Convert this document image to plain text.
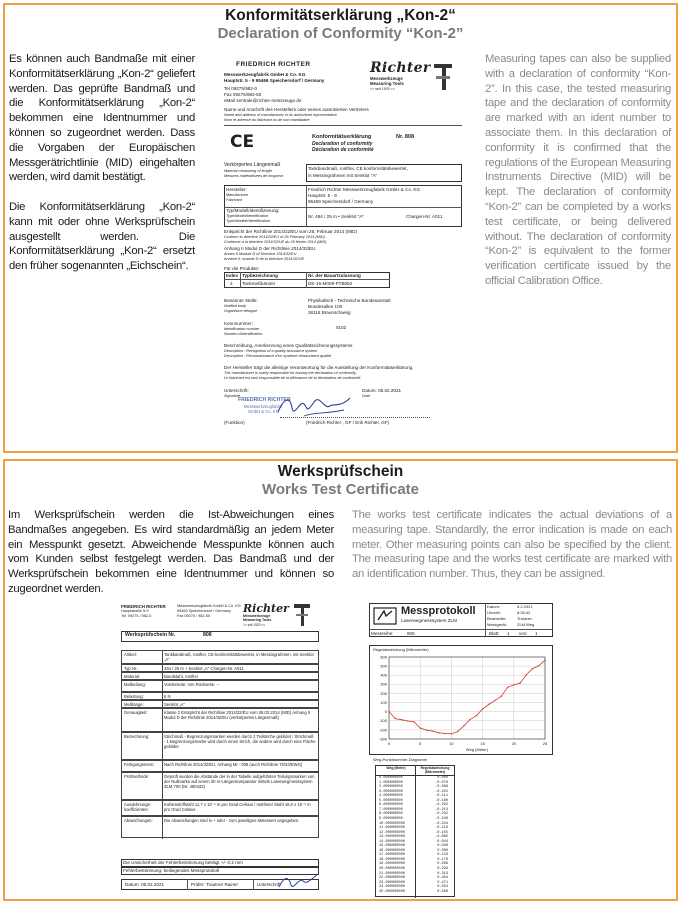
Konformitätserklärung „Kon-2“
Declaration of Conformity “Kon-2”

Es können auch Bandmaße mit einer Konformitätserklärung „Kon-2“ geliefert werden. Das geprüfte Bandmaß und die Konformitätserklärung „Kon-2“ bekommen eine Identnummer und können so zugeordnet werden. Dass die Vorgaben der Europäischen Messgerätrichtlinie (MID) eingehalten werden, wird damit bestätigt.

Die Konformitätserklärung „Kon-2“ kann mit oder ohne Werksprüfschein ausgestellt werden. Die Konformitätserklärung „Kon-2“ ersetzt den früher sogenannten „Eichschein“.

Measuring tapes can also be supplied with a declaration of conformity “Kon-2”. In this case, the tested measuring tape and the declaration of conformity are marked with an ident number to associate them. In this declaration of conformity it is confirmed that the regulations of the European Measuring Instruments Directive (MID) will be kept. The declaration of conformity “Kon-2” can be completed by a works test certificate, or being delivered without. The declaration of conformity “Kon-2” is equivalent to the former verification certificate issued by the official Calibration Office.
FRIEDRICH RICHTER
Messwerkzeugfabrik GmbH & Co. KG
Hauptstr. 5 - 9 95469 Speichersdorf / Germany
Tel 09275/982-0
Fax 09275/982-50
eMail zentrale@richter-messzeuge.de
Richter
Messwerkzeuge
Measuring Tools
>> seit 1920 <<
Name und Anschrift des Herstellers oder seines autorisierten Vertreters
Name and address of manufacturer or its authorised representative
Nom et adresse du fabricant ou de son mandataire
CE	Konformitätserklärung	Nr. 808
Declaration of conformity
Déclaration de conformité
Verkörpertes Längenmaß
Material measuring of length
Mesures matérialisées de longueur
Tankbandmaß, rostfrei, CE konformitätsbewertet,
in Messingrahmen mit Senklot "A"
Hersteller:
Manufacturer
Fabricant
Friedrich Richter Messwerkzeugfabrik GmbH & Co. KG
Hauptstr. 5 - 9
95469 Speichersdorf / Germany
Typ/Modell/Identifizierung:
Type/Model/Identification
Type/Modèle/Identification
Nr. 494 / 25 m • Senklot "A"	Chargen-Nr. A011
Entspricht der Richtlinie 2014/32/EU vom 26. Februar 2014 (MID)
Conform to directive 2014/32/EU of 26 February 2014 (MID)
Conforme à la directive 2014/32/UE du 26 février 2014 (MID)
Anhang II Modul D der Richtlinie 2014/32/EU
Annex II Module D of Directive 2014/32/EU
Annexe II, module D de la directive 2014/32/UE
Für die Produkte:
Index Typbezeichnung	Nr. der Bauartzulassung
2 Tankmeßbänder	DE-16-M008-PTB062
Benannte Stelle:
Notified body
Organisme désigné
Physikalisch - Technische Bundesanstalt
Bundesallee 100
38116 Braunschweig
Kennnummer:
Identification number
Numéro d'identification
0102
Beschreibung, Anerkennung eines Qualitätssicherungssystems
Description : Recognition of a quality assurance system
Description : Reconnaissance d'un système d'assurance qualité
Der Hersteller trägt die alleinige Verantwortung für die Ausstellung der Konformitätserklärung.
The manufacturer is solely responsible for issuing the declaration of conformity.
Le fabricant est seul responsable de la délivrance de la déclaration de conformité.
Unterschrift:
Signature
Datum: 05.02.2021
Date
FRIEDRICH RICHTER
Messwerkzeugfabrik
GmbH & Co. KG
(Funktion)	(Friedrich Richter , GF / Erik Richter, GF)
Werksprüfschein
Works Test Certificate
Im Werksprüfschein werden die Ist-Abweichungen eines Bandmaßes angegeben. Es wird standardmäßig an jedem Meter ein Messpunkt gesetzt. Abweichende Messpunkte können auch vom Kunden selbst festgelegt werden. Das Bandmaß und der Werksprüfschein bekommen eine Identnummer und können so zugeordnet werden.
The works test certificate indicates the actual deviations of a measuring tape. Standardly, the error indication is made on each meter. Other measuring points can also be specified by the client. The measuring tape and the works test certificate are marked with an identification number. Thus, they can be assigned.
FRIEDRICH RICHTER
Hauptstraße 5-9
Tel. 09275 / 982-0
Messwerkzeugfabrik GmbH & Co. KG
95469 Speichersdorf / Germany
Fax 09275 / 982-50
Richter
Messwerkzeuge
Measuring Tools
>> seit 1920 <<
Werksprüfschein Nr.	808
Artikel:	Tankbandmaß, rostfrei, CE-konformitätsbewertet, in Messingrahmen, mit Senklot „A“
Typ Nr.:	494 / 25 m + Senklot „A“ Chargen-Nr. A011
Material:	Bandstahl, rostfrei
Maßteilung:	Vorderseite: mm Rückseite: --
Belastung:	6 N
Meßlänge:	Senklot „A“
Genauigkeit:	Klasse 2 Entspricht der Richtlinie 2014/32/EU vom 26.02.2014 (MID) Anhang II Modul D der Richtlinie 2014/32/EU (verkörpertes Längenmaß)
Bezeichnung:	Strichmaß - Begrenzungsmarken werden durch 2 Teilstriche gebildet / Strichmaß - 1 Begrenzungsmarke wird durch einen Strich, die andere wird durch eine Fläche gebildet
Fertigungsnorm:	Nach Richtlinie 2014/32/EU, Anhang MI - 008 (auch Richtlinie 75/33/EWG)
Prüfmethode:	Geprüft wurden die Abstände der in der Tabelle aufgeführten Teilungsmarken von der Nullmarke auf einem 30 m-Längenkomparator mittels Laserwegmesssystem ZLM 700 (Nr. 490433)
Ausdehnungs-koeffizienten:
Kohlenstoffstahl 11,7 x 10⁻⁶ m pro Grad Celsius / rostfreier Stahl 16,0 x 10⁻⁶ m pro Grad Celsius
Abweichungen:	Die Abweichungen sind in + oder - zum jeweiligen Meterwert angegeben.
Die Unsicherheit der Fehlerbestimmung beträgt +/- 0,2 mm
Fehlerbestimmung: beiliegendes Messprotokoll
Datum: 05.02.2021	Prüfer: Trautner Rainer	Unterschrift
Messprotokoll
Laserwegmesssystem ZLM
Datum:	5.2.2021
Uhrzeit:	8:26:42
Bearbeiter:	Trautner
Messgerät:	ZLM Weg
Messreihe:	808	Blatt: 1 von: 1
Regelabweichung (Mikrometer)
-300
-200
-100
0
100
200
300
400
500
600
0	5	10	15	20	25
Weg (Meter)
Weg-Punktnummer-Diagramm
Weg (Meter)	Regelabweichung (Mikrometer)
0.000000000	0.000
1.000000000	-0.076
2.000000000	-0.088
3.000000000	-0.102
4.000000000	-0.111
5.000000000	-0.180
6.000000000	-0.202
7.000000000	-0.213
8.000000000	-0.232
9.000000000	-0.240
10.000000000	-0.244
11.000000000	-0.219
12.000000000	-0.155
13.000000000	-0.085
14.000000000	-0.044
15.000000000	0.030
16.000000000	0.080
17.000000000	0.123
18.000000000	0.170
19.000000000	0.266
20.000000000	0.294
21.000000000	0.313
22.000000000	0.404
23.000000000	0.471
24.000000000	0.504
25.000000000	0.566
